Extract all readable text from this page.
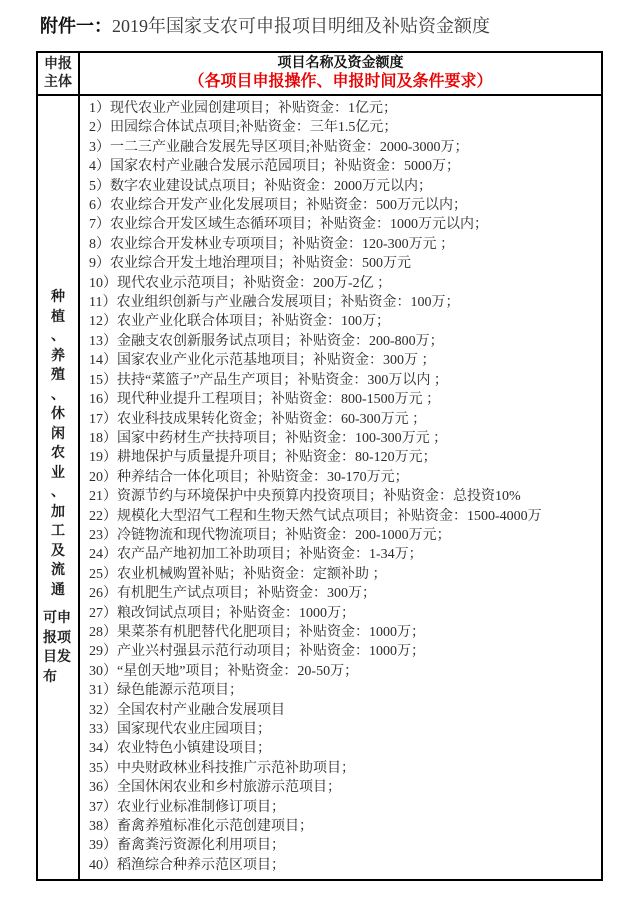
附件一：2019年国家支农可申报项目明细及补贴资金额度
申报主体
项目名称及资金额度
（各项目申报操作、申报时间及条件要求）
种植、养殖、休闲农业、加工及流通
可申报项目发布
1）现代农业产业园创建项目；补贴资金：1亿元；
2）田园综合体试点项目;补贴资金：三年1.5亿元；
3）一二三产业融合发展先导区项目;补贴资金：2000-3000万；
4）国家农村产业融合发展示范园项目；补贴资金：5000万；
5）数字农业建设试点项目；补贴资金：2000万元以内；
6）农业综合开发产业化发展项目；补贴资金：500万元以内；
7）农业综合开发区域生态循环项目；补贴资金：1000万元以内；
8）农业综合开发林业专项项目；补贴资金：120-300万元 ；
9）农业综合开发土地治理项目；补贴资金：500万元
10）现代农业示范项目；补贴资金：200万-2亿 ；
11）农业组织创新与产业融合发展项目；补贴资金：100万；
12）农业产业化联合体项目；补贴资金：100万；
13）金融支农创新服务试点项目；补贴资金：200-800万；
14）国家农业产业化示范基地项目；补贴资金：300万 ；
15）扶持“菜篮子”产品生产项目；补贴资金：300万以内 ；
16）现代种业提升工程项目；补贴资金：800-1500万元 ；
17）农业科技成果转化资金；补贴资金：60-300万元 ；
18）国家中药材生产扶持项目；补贴资金：100-300万元 ；
19）耕地保护与质量提升项目；补贴资金：80-120万元；
20）种养结合一体化项目；补贴资金：30-170万元；
21）资源节约与环境保护中央预算内投资项目；补贴资金：总投资10%
22）规模化大型沼气工程和生物天然气试点项目；补贴资金：1500-4000万
23）冷链物流和现代物流项目；补贴资金：200-1000万元；
24）农产品产地初加工补助项目；补贴资金：1-34万；
25）农业机械购置补贴；补贴资金：定额补助 ；
26）有机肥生产试点项目；补贴资金：300万；
27）粮改饲试点项目；补贴资金：1000万；
28）果菜茶有机肥替代化肥项目；补贴资金：1000万；
29）产业兴村强县示范行动项目；补贴资金：1000万；
30）“星创天地”项目；补贴资金：20-50万；
31）绿色能源示范项目；
32）全国农村产业融合发展项目
33）国家现代农业庄园项目；
34）农业特色小镇建设项目；
35）中央财政林业科技推广示范补助项目；
36）全国休闲农业和乡村旅游示范项目；
37）农业行业标准制修订项目；
38）畜禽养殖标准化示范创建项目；
39）畜禽粪污资源化利用项目；
40）稻渔综合种养示范区项目；
